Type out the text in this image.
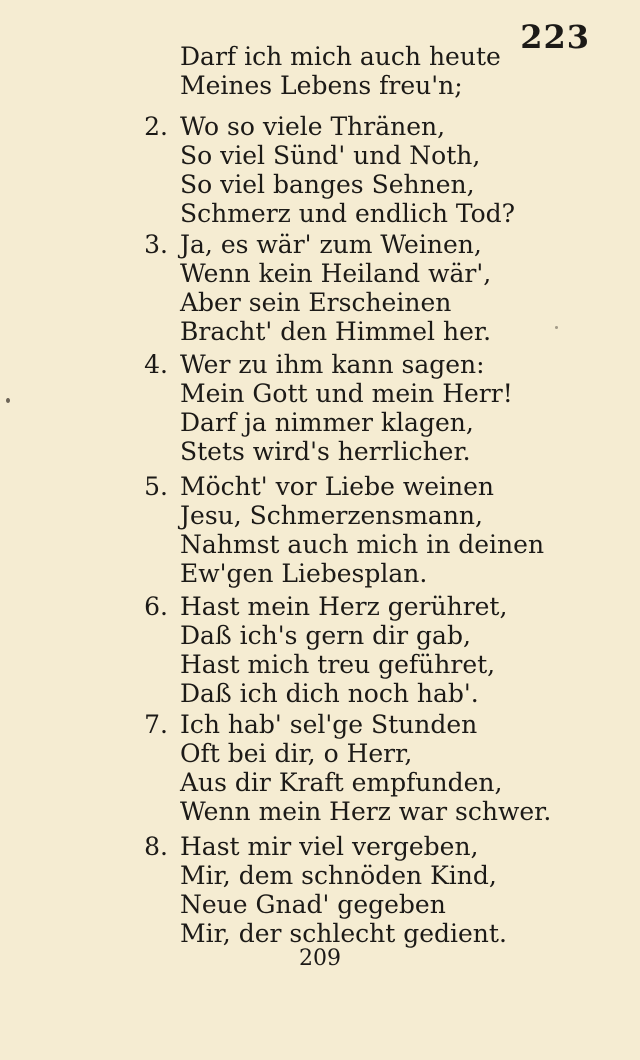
223
Darf ich mich auch heute
Meines Lebens freu'n;
2. Wo so viele Thränen,
So viel Sünd' und Noth,
So viel banges Sehnen,
Schmerz und endlich Tod?
3. Ja, es wär' zum Weinen,
Wenn kein Heiland wär',
Aber sein Erscheinen
Bracht' den Himmel her.
4. Wer zu ihm kann sagen:
Mein Gott und mein Herr!
Darf ja nimmer klagen,
Stets wird's herrlicher.
5. Möcht' vor Liebe weinen
Jesu, Schmerzensmann,
Nahmst auch mich in deinen
Ew'gen Liebesplan.
6. Hast mein Herz gerühret,
Daß ich's gern dir gab,
Hast mich treu geführet,
Daß ich dich noch hab'.
7. Ich hab' sel'ge Stunden
Oft bei dir, o Herr,
Aus dir Kraft empfunden,
Wenn mein Herz war schwer.
8. Hast mir viel vergeben,
Mir, dem schnöden Kind,
Neue Gnad' gegeben
Mir, der schlecht gedient.
209
